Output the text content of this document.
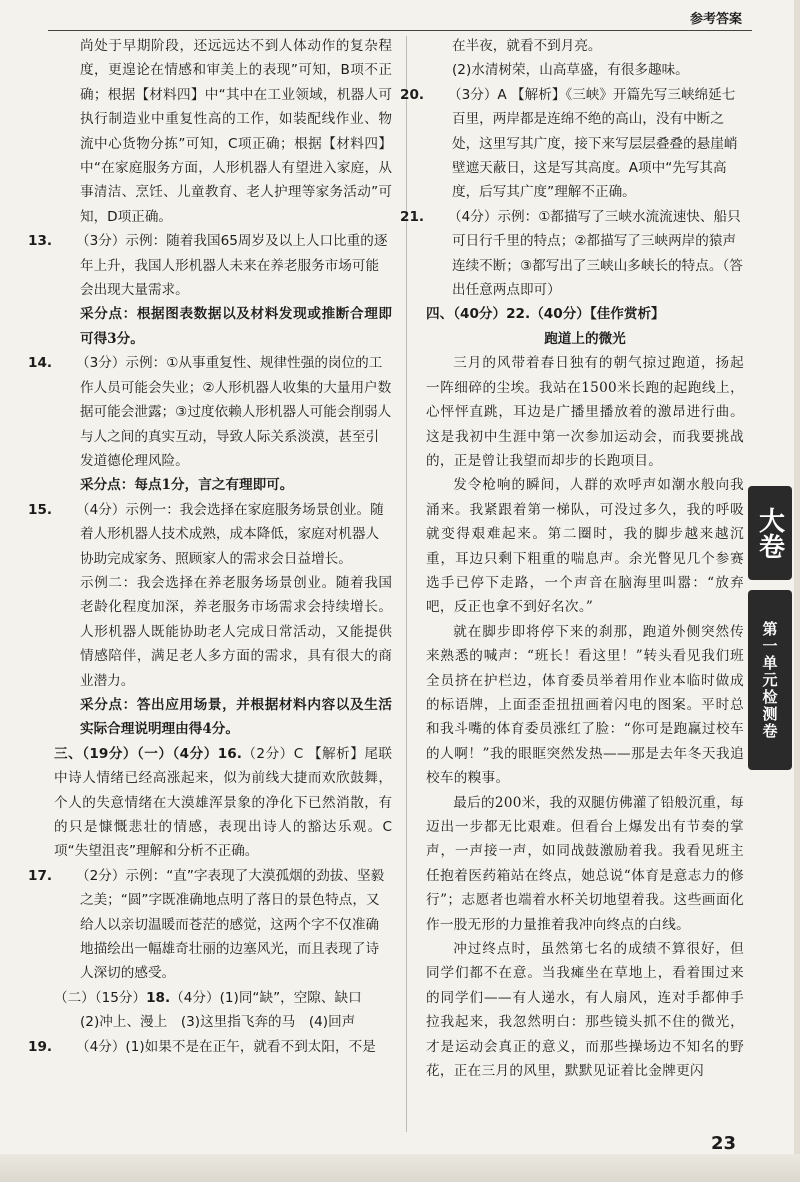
参考答案

尚处于早期阶段，还远远达不到人体动作的复杂程度，更遑论在情感和审美上的表现”可知，B项不正确；根据【材料四】中“其中在工业领域，机器人可执行制造业中重复性高的工作，如装配线作业、物流中心货物分拣”可知，C项正确；根据【材料四】中“在家庭服务方面，人形机器人有望进入家庭，从事清洁、烹饪、儿童教育、老人护理等家务活动”可知，D项正确。

13. （3分）示例：随着我国65周岁及以上人口比重的逐年上升，我国人形机器人未来在养老服务市场可能会出现大量需求。

采分点：根据图表数据以及材料发现或推断合理即可得3分。

14. （3分）示例：①从事重复性、规律性强的岗位的工作人员可能会失业；②人形机器人收集的大量用户数据可能会泄露；③过度依赖人形机器人可能会削弱人与人之间的真实互动，导致人际关系淡漠，甚至引发道德伦理风险。

采分点：每点1分，言之有理即可。

15. （4分）示例一：我会选择在家庭服务场景创业。随着人形机器人技术成熟，成本降低，家庭对机器人协助完成家务、照顾家人的需求会日益增长。

示例二：我会选择在养老服务场景创业。随着我国老龄化程度加深，养老服务市场需求会持续增长。人形机器人既能协助老人完成日常活动，又能提供情感陪伴，满足老人多方面的需求，具有很大的商业潜力。

采分点：答出应用场景，并根据材料内容以及生活实际合理说明理由得4分。

三、（19分）（一）（4分）16.（2分）C 【解析】尾联中诗人情绪已经高涨起来，似为前线大捷而欢欣鼓舞，个人的失意情绪在大漠雄浑景象的净化下已然消散，有的只是慷慨悲壮的情感，表现出诗人的豁达乐观。C项“失望沮丧”理解和分析不正确。
17. （2分）示例：“直”字表现了大漠孤烟的劲拔、坚毅之美；“圆”字既准确地点明了落日的景色特点，又给人以亲切温暖而苍茫的感觉，这两个字不仅准确地描绘出一幅雄奇壮丽的边塞风光，而且表现了诗人深切的感受。
（二）（15分）18.（4分）(1)同“缺”，空隙、缺口

(2)冲上、漫上　(3)这里指飞奔的马　(4)回声

19. （4分）(1)如果不是在正午，就看不到太阳，不是

在半夜，就看不到月亮。

(2)水清树荣，山高草盛，有很多趣味。

20. （3分）A 【解析】《三峡》开篇先写三峡绵延七百里，两岸都是连绵不绝的高山，没有中断之处，这里写其广度，接下来写层层叠叠的悬崖峭壁遮天蔽日，这是写其高度。A项中“先写其高度，后写其广度”理解不正确。
21. （4分）示例：①都描写了三峡水流流速快、船只可日行千里的特点；②都描写了三峡两岸的猿声连续不断；③都写出了三峡山多峡长的特点。（答出任意两点即可）
四、（40分）22.（40分）【佳作赏析】

跑道上的微光

三月的风带着春日独有的朝气掠过跑道，扬起一阵细碎的尘埃。我站在1500米长跑的起跑线上，心怦怦直跳，耳边是广播里播放着的激昂进行曲。这是我初中生涯中第一次参加运动会，而我要挑战的，正是曾让我望而却步的长跑项目。

发令枪响的瞬间，人群的欢呼声如潮水般向我涌来。我紧跟着第一梯队，可没过多久，我的呼吸就变得艰难起来。第二圈时，我的脚步越来越沉重，耳边只剩下粗重的喘息声。余光瞥见几个参赛选手已停下走路，一个声音在脑海里叫嚣：“放弃吧，反正也拿不到好名次。”

就在脚步即将停下来的刹那，跑道外侧突然传来熟悉的喊声：“班长！看这里！”转头看见我们班全员挤在护栏边，体育委员举着用作业本临时做成的标语牌，上面歪歪扭扭画着闪电的图案。平时总和我斗嘴的体育委员涨红了脸：“你可是跑赢过校车的人啊！”我的眼眶突然发热——那是去年冬天我追校车的糗事。

最后的200米，我的双腿仿佛灌了铅般沉重，每迈出一步都无比艰难。但看台上爆发出有节奏的掌声，一声接一声，如同战鼓激励着我。我看见班主任抱着医药箱站在终点，她总说“体育是意志力的修行”；志愿者也端着水杯关切地望着我。这些画面化作一股无形的力量推着我冲向终点的白线。

冲过终点时，虽然第七名的成绩不算很好，但同学们都不在意。当我瘫坐在草地上，看着围过来的同学们——有人递水，有人扇风，连对手都伸手拉我起来，我忽然明白：那些镜头抓不住的微光，才是运动会真正的意义，而那些操场边不知名的野花，正在三月的风里，默默见证着比金牌更闪

大卷
第一单元检测卷
23
